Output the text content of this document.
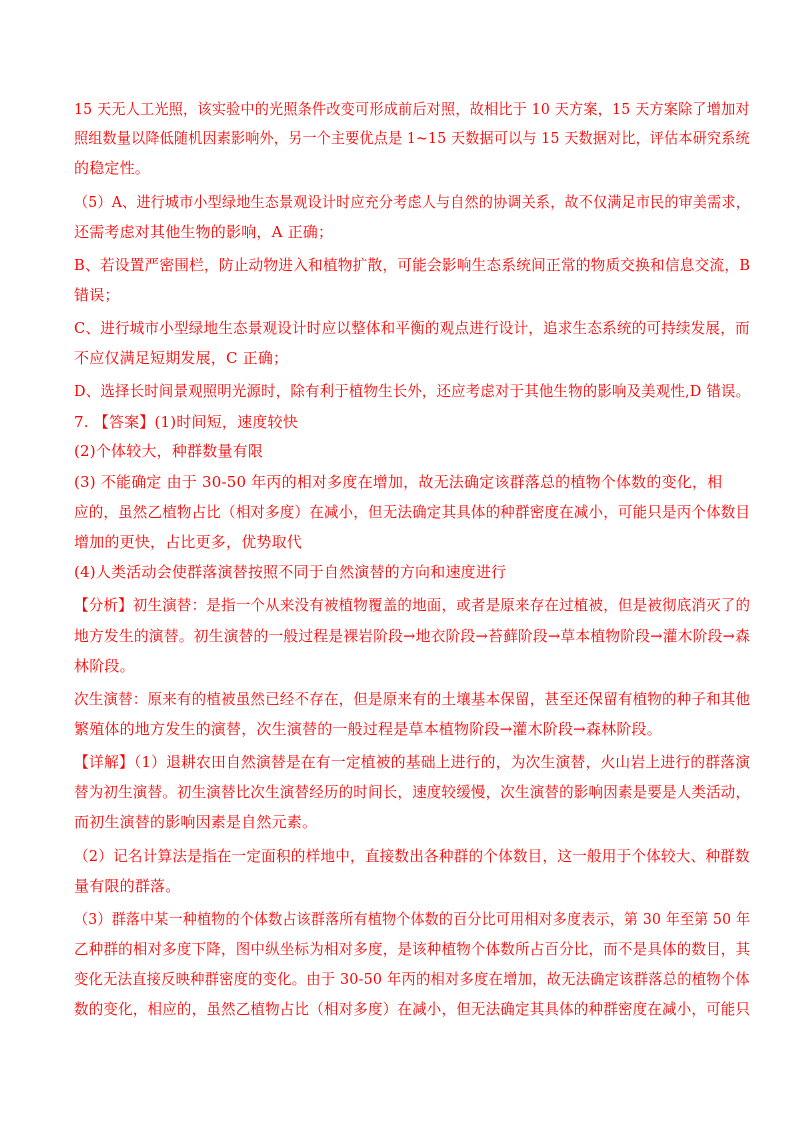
15 天无人工光照，该实验中的光照条件改变可形成前后对照，故相比于 10 天方案，15 天方案除了增加对
照组数量以降低随机因素影响外，另一个主要优点是 1~15 天数据可以与 15 天数据对比，评估本研究系统
的稳定性。
（5）A、进行城市小型绿地生态景观设计时应充分考虑人与自然的协调关系，故不仅满足市民的审美需求，
还需考虑对其他生物的影响，A 正确；
B、若设置严密围栏，防止动物进入和植物扩散，可能会影响生态系统间正常的物质交换和信息交流，B
错误；
C、进行城市小型绿地生态景观设计时应以整体和平衡的观点进行设计，追求生态系统的可持续发展，而
不应仅满足短期发展，C 正确；
D、选择长时间景观照明光源时，除有利于植物生长外，还应考虑对于其他生物的影响及美观性,D 错误。
7. 【答案】(1)时间短，速度较快
(2)个体较大，种群数量有限
(3) 不能确定 由于 30-50 年丙的相对多度在增加，故无法确定该群落总的植物个体数的变化，相
应的，虽然乙植物占比（相对多度）在减小，但无法确定其具体的种群密度在减小，可能只是丙个体数目
增加的更快，占比更多，优势取代
(4)人类活动会使群落演替按照不同于自然演替的方向和速度进行
【分析】初生演替：是指一个从来没有被植物覆盖的地面，或者是原来存在过植被，但是被彻底消灭了的
地方发生的演替。初生演替的一般过程是裸岩阶段→地衣阶段→苔藓阶段→草本植物阶段→灌木阶段→森
林阶段。
次生演替：原来有的植被虽然已经不存在，但是原来有的土壤基本保留，甚至还保留有植物的种子和其他
繁殖体的地方发生的演替，次生演替的一般过程是草本植物阶段→灌木阶段→森林阶段。
【详解】（1）退耕农田自然演替是在有一定植被的基础上进行的，为次生演替，火山岩上进行的群落演
替为初生演替。初生演替比次生演替经历的时间长，速度较缓慢，次生演替的影响因素是要是人类活动，
而初生演替的影响因素是自然元素。
（2）记名计算法是指在一定面积的样地中，直接数出各种群的个体数目，这一般用于个体较大、种群数
量有限的群落。
（3）群落中某一种植物的个体数占该群落所有植物个体数的百分比可用相对多度表示，第 30 年至第 50 年
乙种群的相对多度下降，图中纵坐标为相对多度，是该种植物个体数所占百分比，而不是具体的数目，其
变化无法直接反映种群密度的变化。由于 30-50 年丙的相对多度在增加，故无法确定该群落总的植物个体
数的变化，相应的，虽然乙植物占比（相对多度）在减小，但无法确定其具体的种群密度在减小，可能只
